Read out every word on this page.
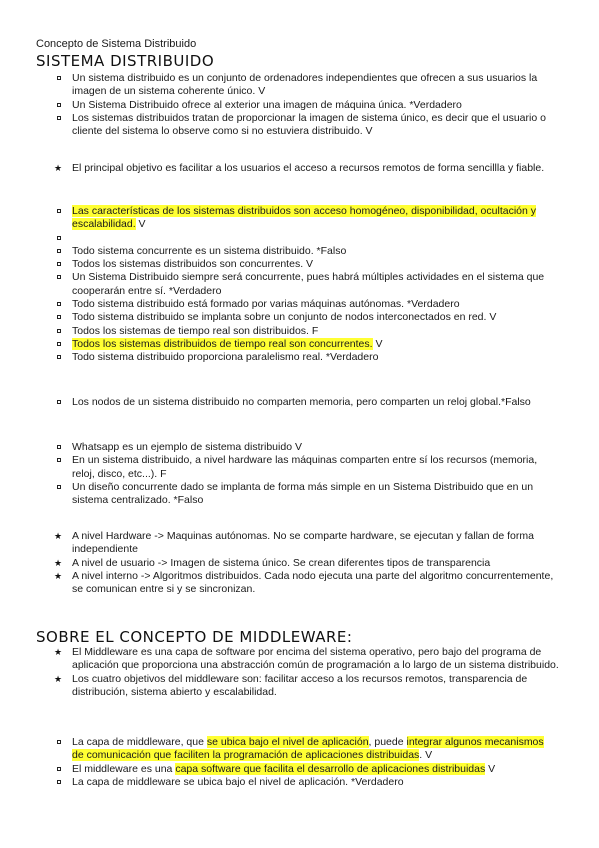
Concepto de Sistema Distribuido
SISTEMA DISTRIBUIDO
Un sistema distribuido es un conjunto de ordenadores independientes que ofrecen a sus usuarios la imagen de un sistema coherente único. V
Un Sistema Distribuido ofrece al exterior una imagen de máquina única. *Verdadero
Los sistemas distribuidos tratan de proporcionar la imagen de sistema único, es decir que el usuario o cliente del sistema lo observe como si no estuviera distribuido. V
★ El principal objetivo es facilitar a los usuarios el acceso a recursos remotos de forma sencillla y fiable.
Las características de los sistemas distribuidos son acceso homogéneo, disponibilidad, ocultación y escalabilidad. V

Todo sistema concurrente es un sistema distribuido. *Falso
Todos los sistemas distribuidos son concurrentes. V
Un Sistema Distribuido siempre será concurrente, pues habrá múltiples actividades en el sistema que cooperarán entre sí. *Verdadero
Todo sistema distribuido está formado por varias máquinas autónomas. *Verdadero
Todo sistema distribuido se implanta sobre un conjunto de nodos interconectados en red. V
Todos los sistemas de tiempo real son distribuidos. F
Todos los sistemas distribuidos de tiempo real son concurrentes. V
Todo sistema distribuido proporciona paralelismo real. *Verdadero
Los nodos de un sistema distribuido no comparten memoria, pero comparten un reloj global.*Falso
Whatsapp es un ejemplo de sistema distribuido V
En un sistema distribuido, a nivel hardware las máquinas comparten entre sí los recursos (memoria, reloj, disco, etc...). F
Un diseño concurrente dado se implanta de forma más simple en un Sistema Distribuido que en un sistema centralizado. *Falso
★ A nivel Hardware -> Maquinas autónomas. No se comparte hardware, se ejecutan y fallan de forma independiente
★ A nivel de usuario -> Imagen de sistema único. Se crean diferentes tipos de transparencia
★ A nivel interno -> Algoritmos distribuidos. Cada nodo ejecuta una parte del algoritmo concurrentemente, se comunican entre si y se sincronizan.
SOBRE EL CONCEPTO DE MIDDLEWARE:
★ El Middleware es una capa de software por encima del sistema operativo, pero bajo del programa de aplicación que proporciona una abstracción común de programación a lo largo de un sistema distribuido.
★ Los cuatro objetivos del middleware son: facilitar acceso a los recursos remotos, transparencia de distribución, sistema abierto y escalabilidad.
La capa de middleware, que se ubica bajo el nivel de aplicación, puede integrar algunos mecanismos de comunicación que faciliten la programación de aplicaciones distribuidas. V
El middleware es una capa software que facilita el desarrollo de aplicaciones distribuidas V
La capa de middleware se ubica bajo el nivel de aplicación. *Verdadero
